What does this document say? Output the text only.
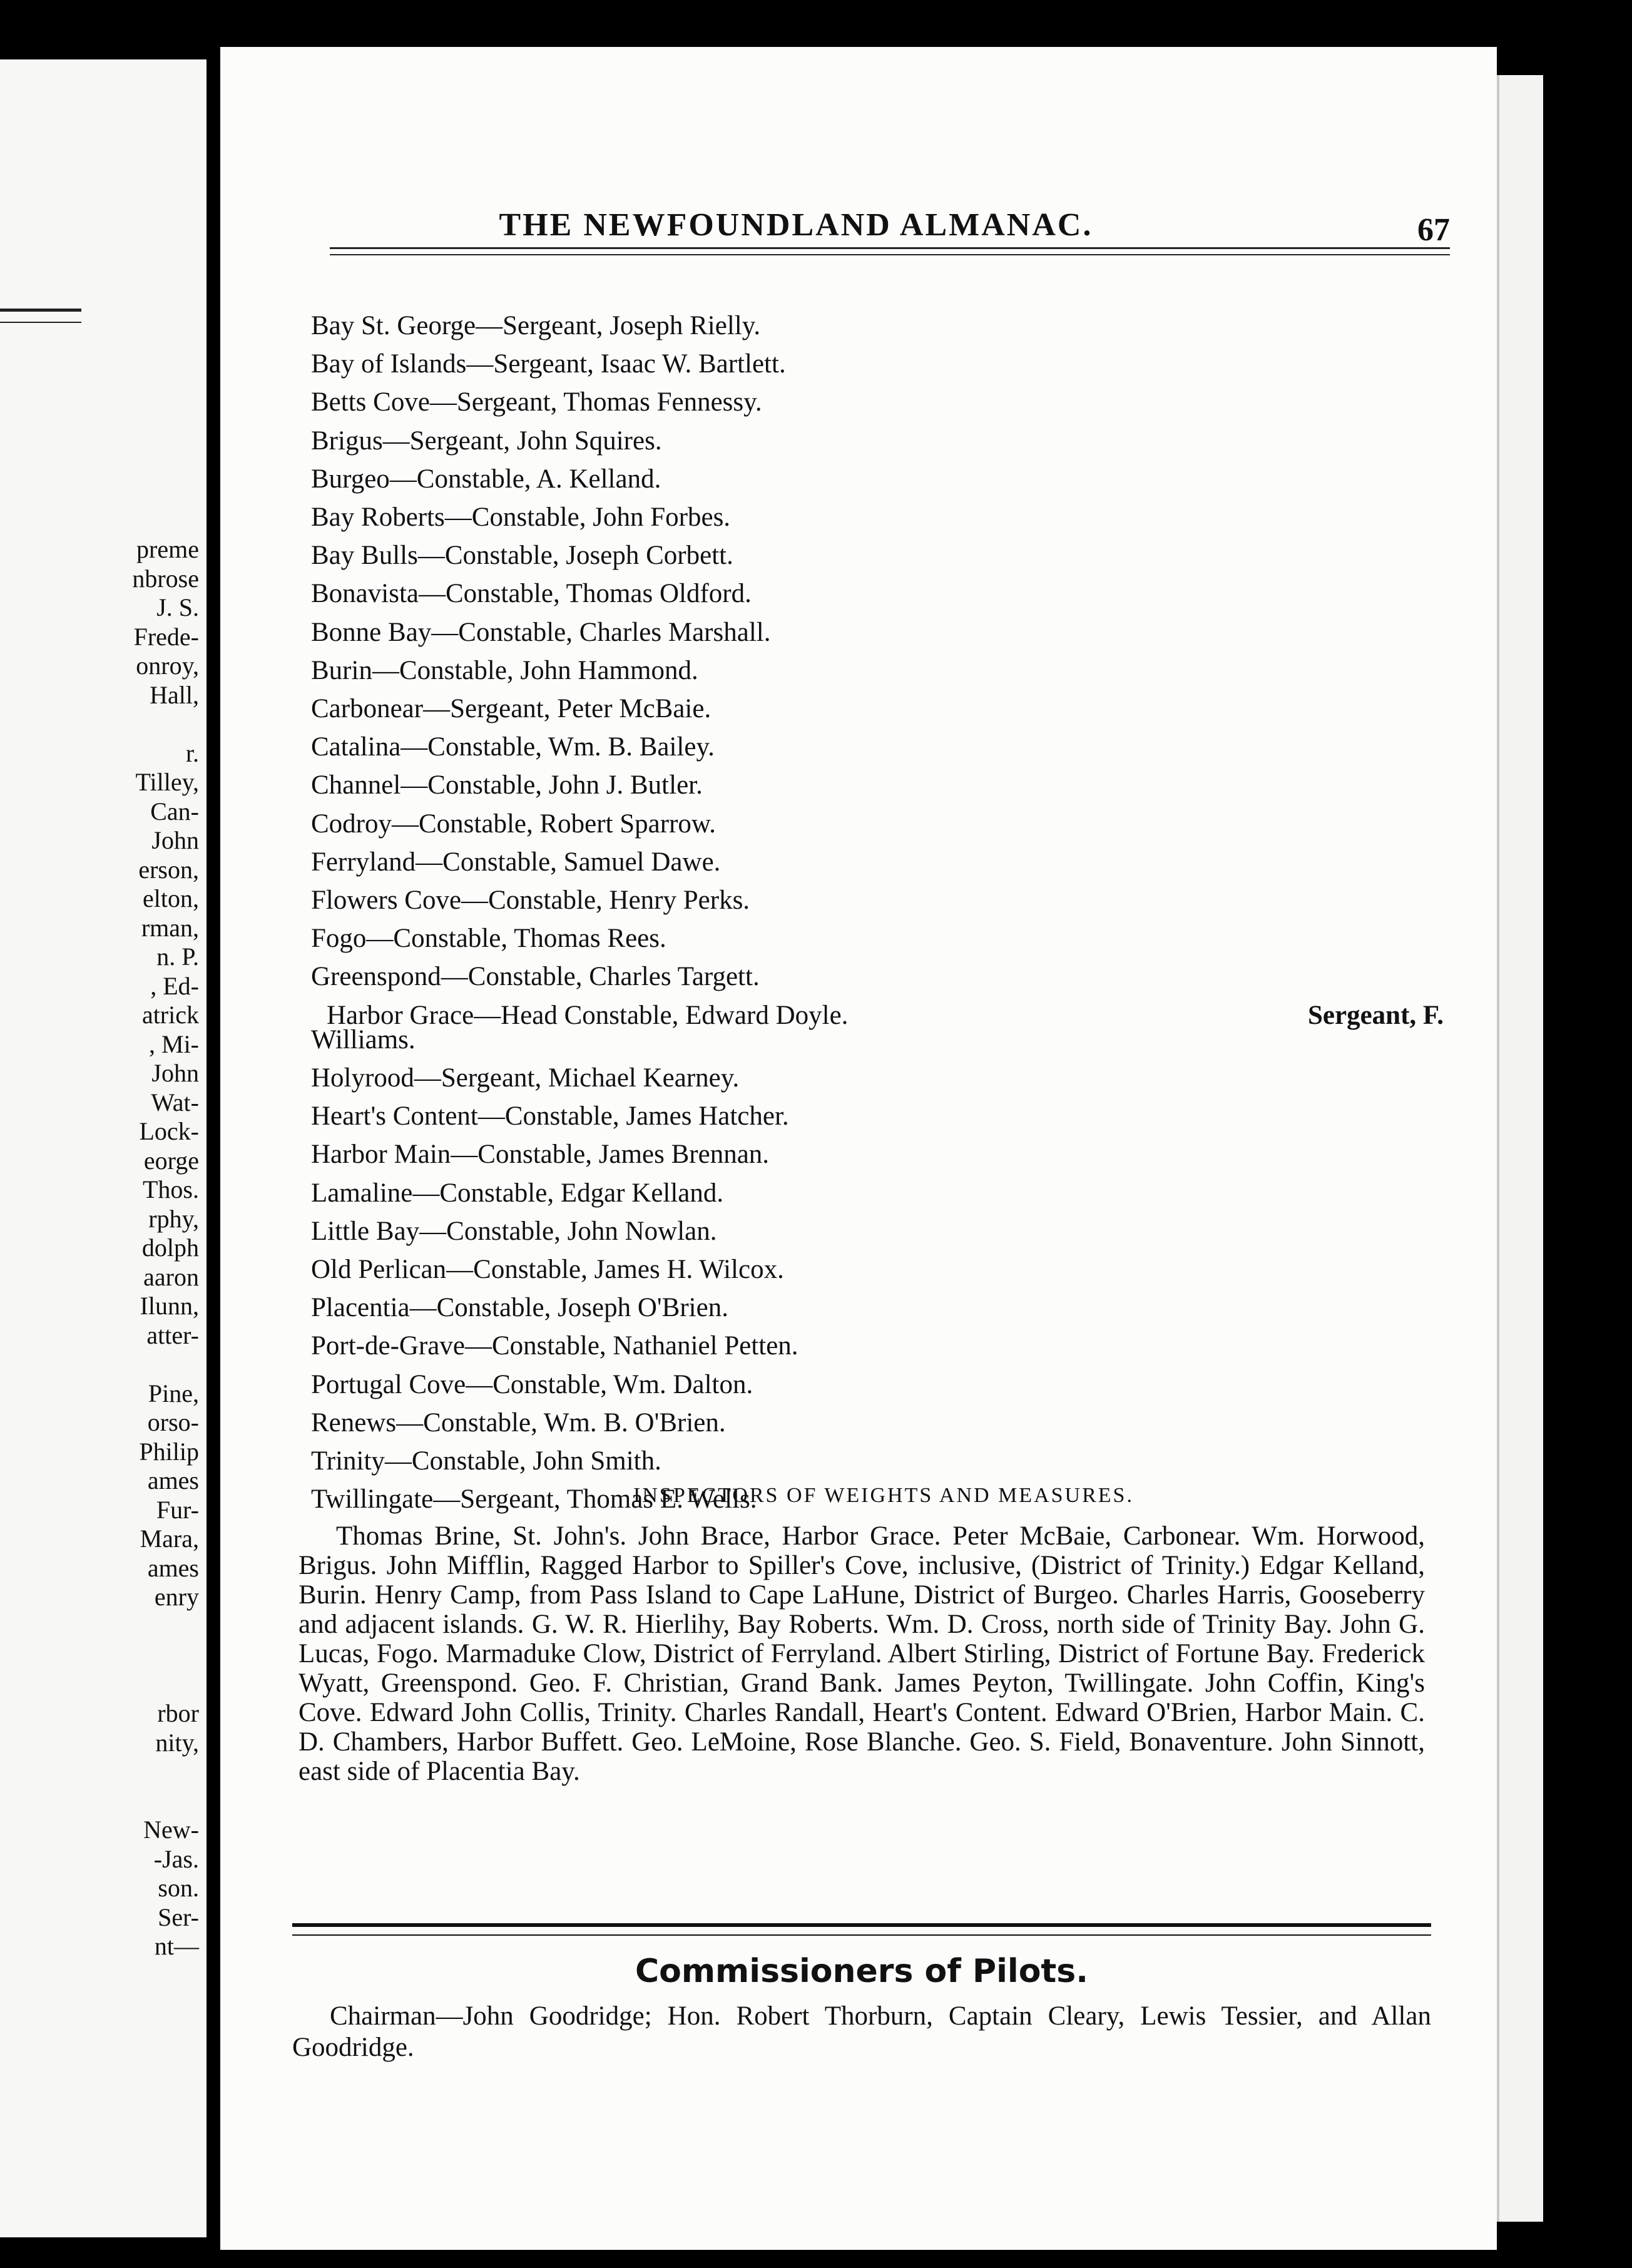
preme
nbrose
J. S.
Frede-
onroy,
Hall,
r.
Tilley,
Can-
John
erson,
elton,
rman,
n. P.
, Ed-
atrick
, Mi-
John
Wat-
Lock-
eorge
Thos.
rphy,
dolph
aaron
Ilunn,
atter-
Pine,
orso-
Philip
ames
Fur-
Mara,
ames
enry
rbor
nity,
New-
-Jas.
son.
Ser-
nt—
THE NEWFOUNDLAND ALMANAC.	67
Bay St. George—Sergeant, Joseph Rielly.
Bay of Islands—Sergeant, Isaac W. Bartlett.
Betts Cove—Sergeant, Thomas Fennessy.
Brigus—Sergeant, John Squires.
Burgeo—Constable, A. Kelland.
Bay Roberts—Constable, John Forbes.
Bay Bulls—Constable, Joseph Corbett.
Bonavista—Constable, Thomas Oldford.
Bonne Bay—Constable, Charles Marshall.
Burin—Constable, John Hammond.
Carbonear—Sergeant, Peter McBaie.
Catalina—Constable, Wm. B. Bailey.
Channel—Constable, John J. Butler.
Codroy—Constable, Robert Sparrow.
Ferryland—Constable, Samuel Dawe.
Flowers Cove—Constable, Henry Perks.
Fogo—Constable, Thomas Rees.
Greenspond—Constable, Charles Targett.
Harbor Grace—Head Constable, Edward Doyle.	Sergeant, F.
Williams.
Holyrood—Sergeant, Michael Kearney.
Heart's Content—Constable, James Hatcher.
Harbor Main—Constable, James Brennan.
Lamaline—Constable, Edgar Kelland.
Little Bay—Constable, John Nowlan.
Old Perlican—Constable, James H. Wilcox.
Placentia—Constable, Joseph O'Brien.
Port-de-Grave—Constable, Nathaniel Petten.
Portugal Cove—Constable, Wm. Dalton.
Renews—Constable, Wm. B. O'Brien.
Trinity—Constable, John Smith.
Twillingate—Sergeant, Thomas E. Wells.
INSPECTORS OF WEIGHTS AND MEASURES.
Thomas Brine, St. John's. John Brace, Harbor Grace. Peter McBaie, Carbonear. Wm. Horwood, Brigus. John Mifflin, Ragged Harbor to Spiller's Cove, inclusive, (District of Trinity.) Edgar Kelland, Burin. Henry Camp, from Pass Island to Cape LaHune, District of Burgeo. Charles Harris, Gooseberry and adjacent islands. G. W. R. Hierlihy, Bay Roberts. Wm. D. Cross, north side of Trinity Bay. John G. Lucas, Fogo. Marmaduke Clow, District of Ferryland. Albert Stirling, District of Fortune Bay. Frederick Wyatt, Greenspond. Geo. F. Christian, Grand Bank. James Peyton, Twillingate. John Coffin, King's Cove. Edward John Collis, Trinity. Charles Randall, Heart's Content. Edward O'Brien, Harbor Main. C. D. Chambers, Harbor Buffett. Geo. LeMoine, Rose Blanche. Geo. S. Field, Bonaventure. John Sinnott, east side of Placentia Bay.
Commissioners of Pilots.
Chairman—John Goodridge; Hon. Robert Thorburn, Captain Cleary, Lewis Tessier, and Allan Goodridge.
